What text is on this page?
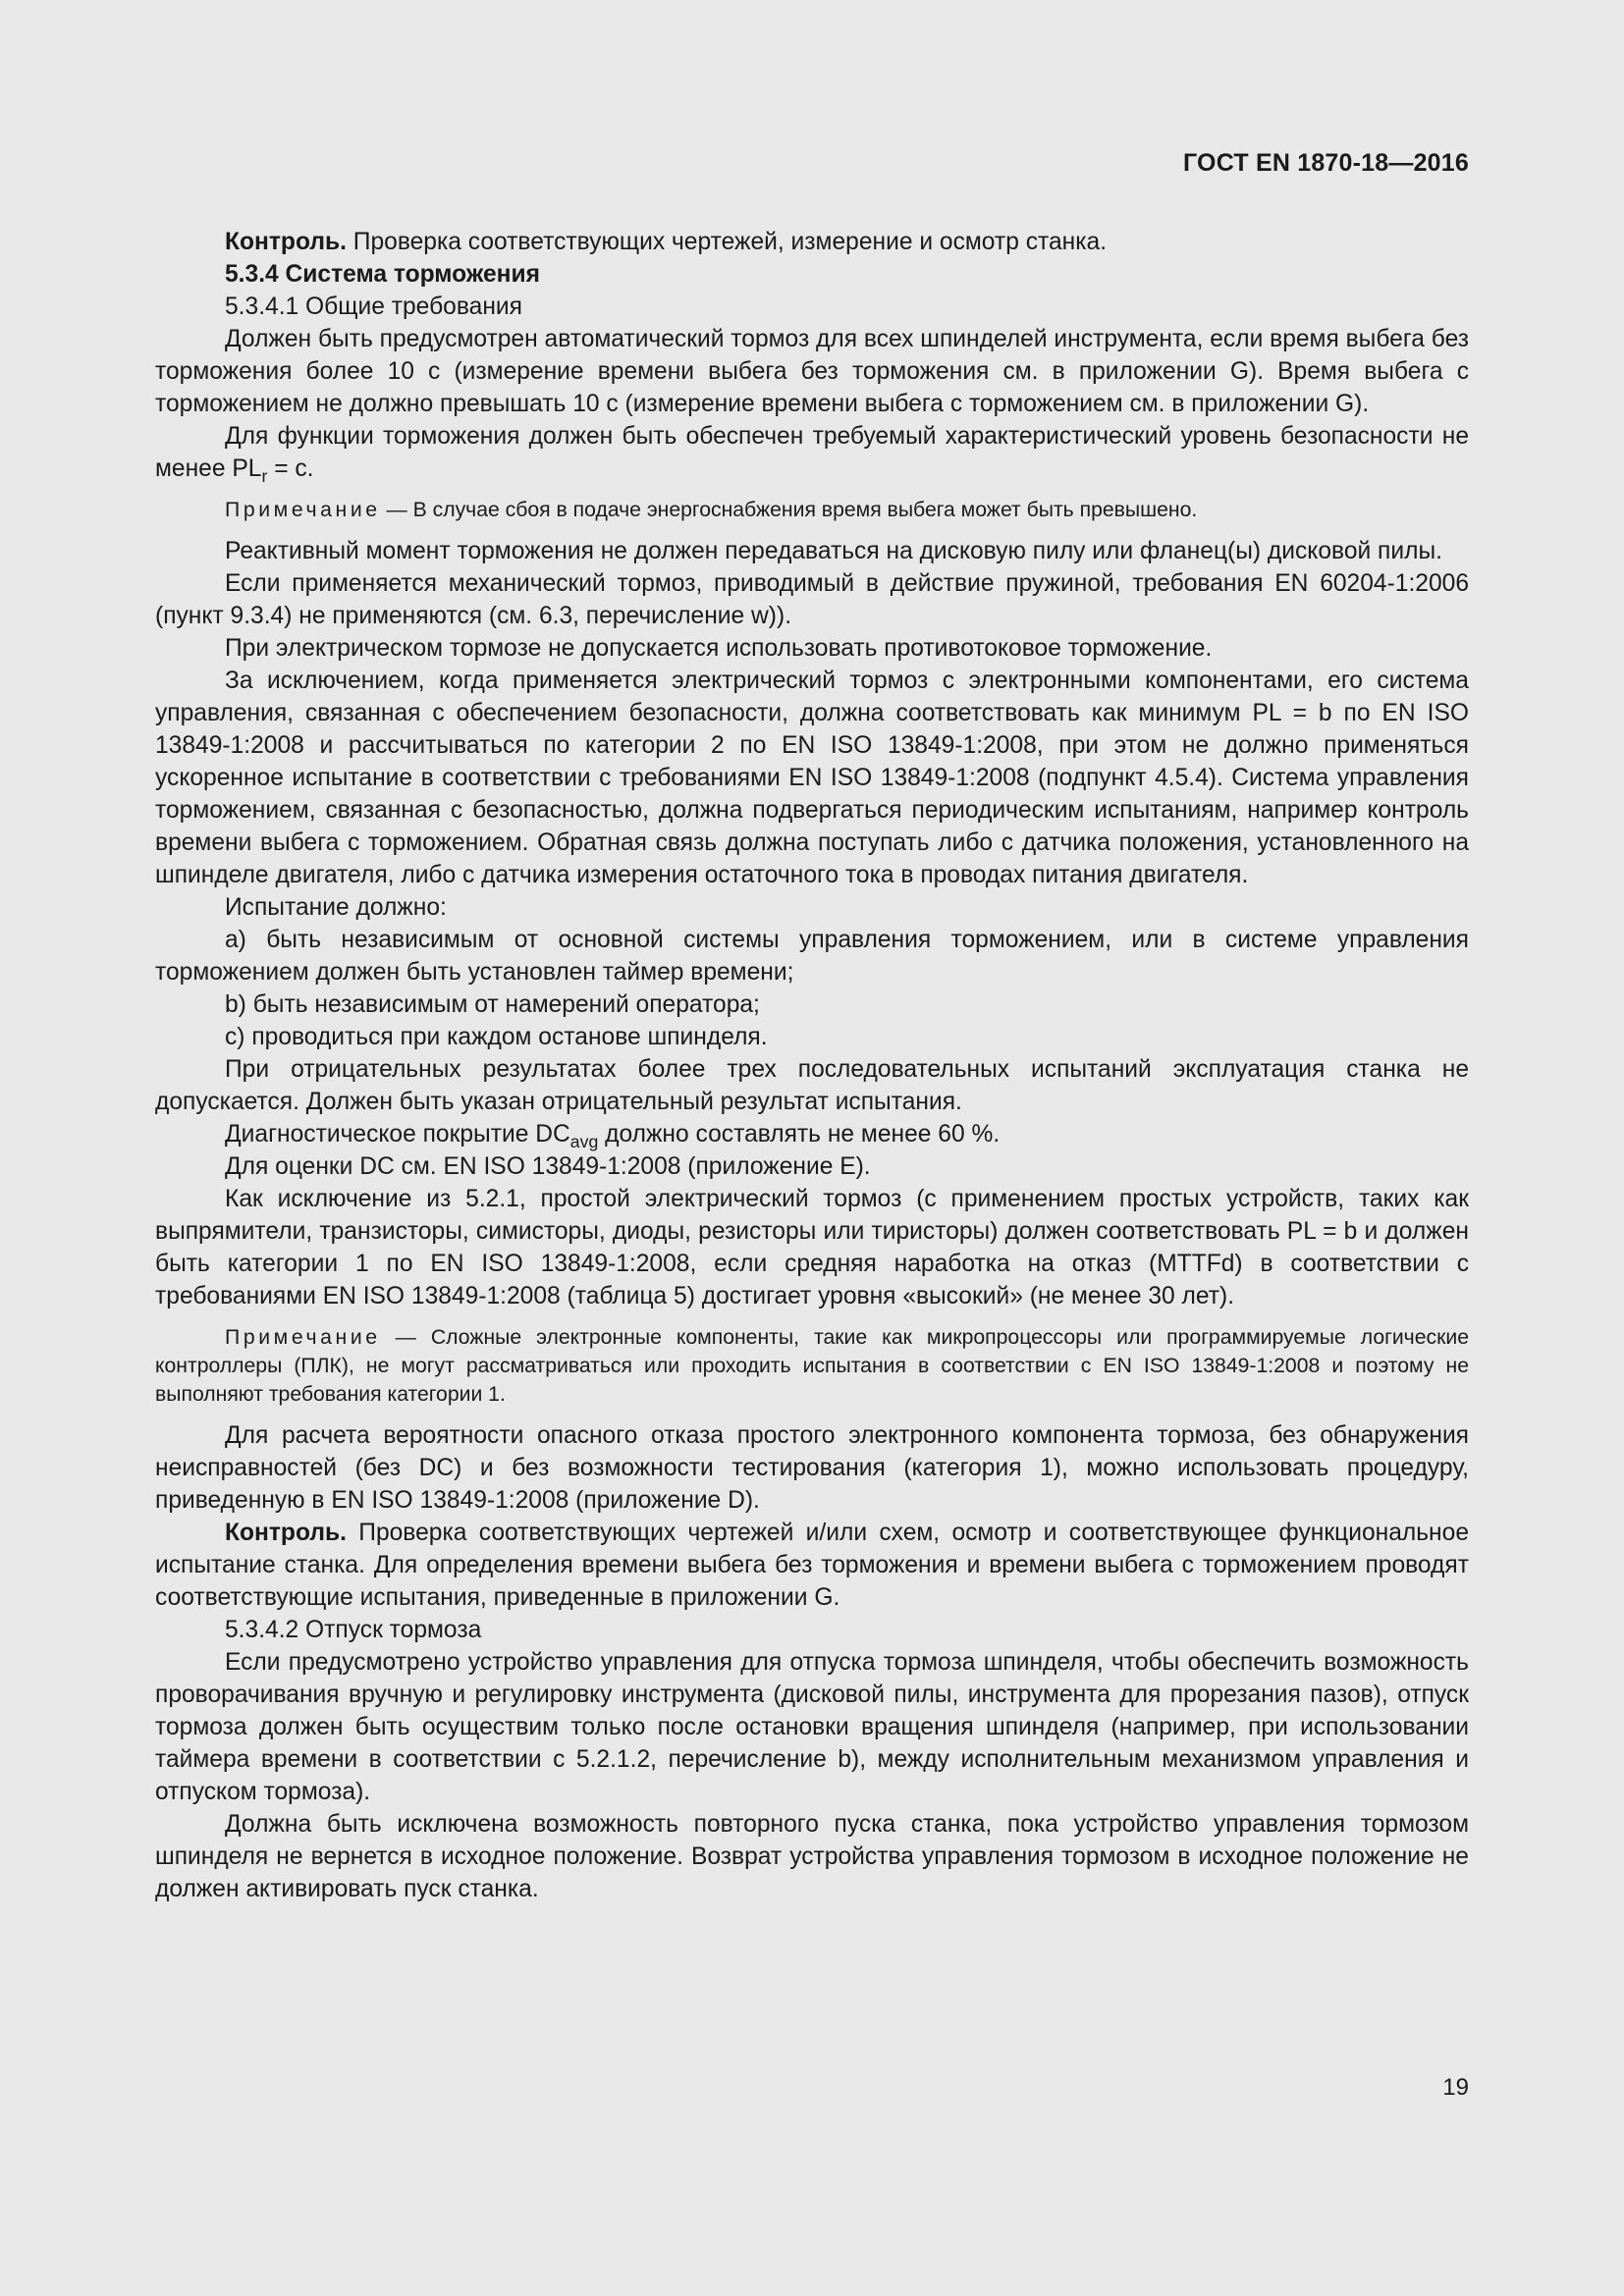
ГОСТ EN 1870-18—2016

Контроль. Проверка соответствующих чертежей, измерение и осмотр станка.

5.3.4 Система торможения

5.3.4.1 Общие требования

Должен быть предусмотрен автоматический тормоз для всех шпинделей инструмента, если время выбега без торможения более 10 с (измерение времени выбега без торможения см. в приложении G). Время выбега с торможением не должно превышать 10 с (измерение времени выбега с торможением см. в приложении G).

Для функции торможения должен быть обеспечен требуемый характеристический уровень безопасности не менее $PL_r = c$.

Примечание — В случае сбоя в подаче энергоснабжения время выбега может быть превышено.

Реактивный момент торможения не должен передаваться на дисковую пилу или фланец(ы) дисковой пилы.

Если применяется механический тормоз, приводимый в действие пружиной, требования EN 60204-1:2006 (пункт 9.3.4) не применяются (см. 6.3, перечисление w)).

При электрическом тормозе не допускается использовать противотоковое торможение.

За исключением, когда применяется электрический тормоз с электронными компонентами, его система управления, связанная с обеспечением безопасности, должна соответствовать как минимум PL = b по EN ISO 13849-1:2008 и рассчитываться по категории 2 по EN ISO 13849-1:2008, при этом не должно применяться ускоренное испытание в соответствии с требованиями EN ISO 13849-1:2008 (подпункт 4.5.4). Система управления торможением, связанная с безопасностью, должна подвергаться периодическим испытаниям, например контроль времени выбега с торможением. Обратная связь должна поступать либо с датчика положения, установленного на шпинделе двигателя, либо с датчика измерения остаточного тока в проводах питания двигателя.

Испытание должно:

a) быть независимым от основной системы управления торможением, или в системе управления торможением должен быть установлен таймер времени;

b) быть независимым от намерений оператора;

c) проводиться при каждом останове шпинделя.

При отрицательных результатах более трех последовательных испытаний эксплуатация станка не допускается. Должен быть указан отрицательный результат испытания.

Диагностическое покрытие $DC_{avg}$ должно составлять не менее 60 %.

Для оценки DC см. EN ISO 13849-1:2008 (приложение E).

Как исключение из 5.2.1, простой электрический тормоз (с применением простых устройств, таких как выпрямители, транзисторы, симисторы, диоды, резисторы или тиристоры) должен соответствовать PL = b и должен быть категории 1 по EN ISO 13849-1:2008, если средняя наработка на отказ (MTTFd) в соответствии с требованиями EN ISO 13849-1:2008 (таблица 5) достигает уровня «высокий» (не менее 30 лет).

Примечание — Сложные электронные компоненты, такие как микропроцессоры или программируемые логические контроллеры (ПЛК), не могут рассматриваться или проходить испытания в соответствии с EN ISO 13849-1:2008 и поэтому не выполняют требования категории 1.

Для расчета вероятности опасного отказа простого электронного компонента тормоза, без обнаружения неисправностей (без DC) и без возможности тестирования (категория 1), можно использовать процедуру, приведенную в EN ISO 13849-1:2008 (приложение D).

Контроль. Проверка соответствующих чертежей и/или схем, осмотр и соответствующее функциональное испытание станка. Для определения времени выбега без торможения и времени выбега с торможением проводят соответствующие испытания, приведенные в приложении G.

5.3.4.2 Отпуск тормоза

Если предусмотрено устройство управления для отпуска тормоза шпинделя, чтобы обеспечить возможность проворачивания вручную и регулировку инструмента (дисковой пилы, инструмента для прорезания пазов), отпуск тормоза должен быть осуществим только после остановки вращения шпинделя (например, при использовании таймера времени в соответствии с 5.2.1.2, перечисление b), между исполнительным механизмом управления и отпуском тормоза).

Должна быть исключена возможность повторного пуска станка, пока устройство управления тормозом шпинделя не вернется в исходное положение. Возврат устройства управления тормозом в исходное положение не должен активировать пуск станка.

19
